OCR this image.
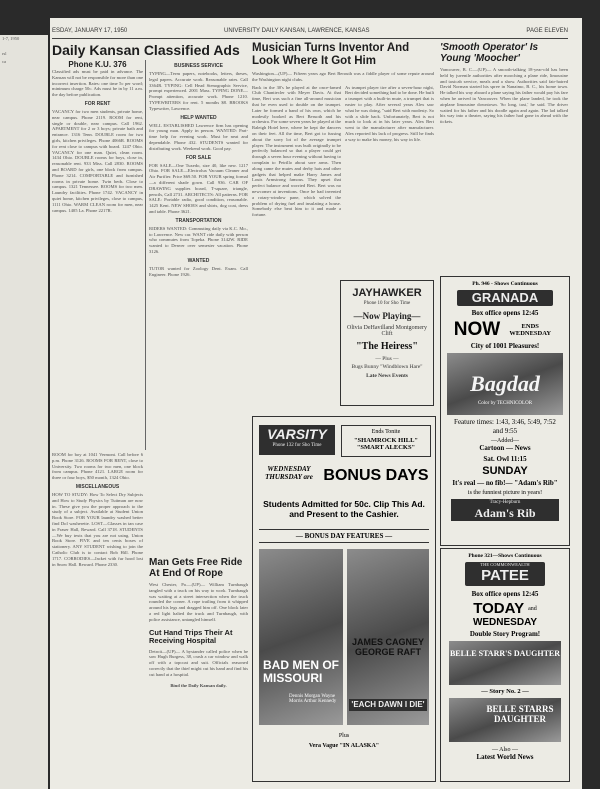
1-7, 1950

rsl
ca
ESDAY, JANUARY 17, 1950	UNIVERSITY DAILY KANSAN, LAWRENCE, KANSAS	PAGE ELEVEN
Daily Kansan Classified Ads
Phone K.U. 376
Classified ads must be paid in advance. The Kansan will not be responsible for more than one incorrect insertion. Rates: one time 5c per word; minimum charge 50c. Ads must be in by 11 a.m. the day before publication.
FOR RENT
VACANCY for two men students, private home, near campus. Phone 2119. ROOM for rent, single or double, near campus. Call 1962. APARTMENT for 2 or 3 boys; private bath and entrance. 1316 Tenn. DOUBLE room for two girls, kitchen privileges. Phone 4066R. ROOMS for rent close to campus with board. 1247 Ohio. VACANCY for one man. Quiet, clean room. 1434 Ohio. DOUBLE rooms for boys, close in, reasonable rent. 933 Miss. Call 2830. ROOMS and BOARD for girls, one block from campus. Phone 3214. COMFORTABLE and furnished rooms in private home. Twin beds. Close to campus. 1321 Tennessee. ROOMS for two men. Laundry facilities. Phone 1742. VACANCY in quiet home, kitchen privileges, close to campus, 1111 Ohio. WARM CLEAN room for men, near campus. 1405 La. Phone 2217R.
BUSINESS SERVICE
TYPING—Term papers, notebooks, letters, theses, legal papers. Accurate work. Reasonable rates. Call 3364R. TYPING: Cell Head Stenographic Service, prompt experienced. 2001 Mass. TYPING DONE—Prompt attention, accurate work. Phone 1210. TYPEWRITERS for rent. 5 months $8. BROOKS Typewriter, Lawrence.
HELP WANTED
WELL ESTABLISHED Lawrence firm has opening for young man. Apply in person. WANTED: Part-time help for evening work. Must be neat and dependable. Phone 432. STUDENTS wanted for distributing work. Weekend work. Good pay.
FOR SALE
FOR SALE—One Tuxedo, size 40, like new. 1217 Ohio. FOR SALE—Electrolux Vacuum Cleaner and Air Purifier. Price $69.50. FOR YOUR spring formal—a different shade gown. Call 936. CAR OF DRAWING supplies board, T-square, triangle, pencils, Call 2731. ARCHITECTS: All patterns. FOR SALE: Portable radio, good condition, reasonable. 1425 Kent. NEW SHOES and shirts, dog coat, dress and table. Phone 3621.
TRANSPORTATION
RIDERS WANTED: Commuting daily via K.C. Mo., to Lawrence. New car. WANT ride daily with person who commutes from Topeka. Phone 3142W. RIDE wanted to Denver over semester vacation. Phone 3126.
WANTED
TUTOR wanted for Zoology Dent. Exam. Call Engineer. Phone 1926.
ROOM for boy at 1041 Vermont. Call before 6 p.m. Phone 3126. ROOMS FOR RENT, close to University. Two rooms for two men, one block from campus. Phone 4121. LARGE room for three or four boys, $50 month, 1324 Ohio.
MISCELLANEOUS
HOW TO STUDY: How To Select Dry Subjects and How to Study Physics by Tuttman are now in. These give you the proper approach to the study of a subject. Available at Student Union Book Store. FOR YOUR laundry washed better find Dol washerette. LOST—Glasses in tan case in Fraser Hall, Reward. Call 3718. STUDENTS—We buy texts that you are not using. Union Book Store. FIVE and ten cents boxes of stationery. ANY STUDENT wishing to join the Catholic Club is to contact Bob Hill. Phone 1717. CORRODIES—Jacket with fur hood lost in Snow Hall. Reward. Phone 2330.	Man Gets Free Ride At End Of Rope
West Chester, Pa.—(UP)— William Turnbaugh tangled with a truck on his way to work. Turnbaugh was waiting at a street intersection when the truck rounded the corner. A rope trailing from it whipped around his legs and dragged him off. One block later a red light halted the truck and Turnbaugh, with police assistance, untangled himself.
Cut Hand Trips Their At Receiving Hospital
Detroit—(UP)— A bystander called police when he saw Hugh Burgess, 38, crash a car window and walk off with a topcoat and suit. Officials reasoned correctly that the thief might cut his hand and find his cut hand at a hospital.
Bind the Daily Kansan daily.
Musician Turns Inventor And Look Where It Got Him
Washington—(UP)— Fifteen years ago Bert Berouth was a fiddle player of some repute around the Washington night clubs.
Back in the 30's he played at the once-famed Club Chantiecler with Meyer Davis. At that time, Bert was such a fine all-around musician that he even used to double on the trumpet. Later he formed a band of his own, which he modestly booked as Bert Beruoth and his orchestra. For some seven years he played at the Raleigh Hotel here, where he kept the dancers on their feet. All the time, Bert got to fussing about the sorry lot of the average trumpet player. The instrument was built originally to be perfectly balanced so that a player could get through a seven hour evening without having to complain to Petrillo about sore arms. Then along came the mutes and derby hats and other gadgets that helped make Harry James and Louis Armstrong famous. They upset that perfect balance and worried Bert. Bert was no newcomer at inventions. Once he had invented a rotary-window pane, which solved the problem of drying fuel and insulating a house. Somebody else beat him to it and made a fortune.
As trumpet player tire after a seven-hour night, Bert decided something had to be done. He built a trumpet with a built-in mute, a trumpet that is easier to play. After several years Alex saw what he was doing, "said Bert with modesty. So with a slide back. Unfortunately, Bert is not much to look at in his later years. Alex Bert went to the manufacturer after manufacturer. Alex reported his lack of progress. Still he finds a way to make his money, his way in life.
'Smooth Operator' Is Young 'Moocher'
Vancouver, B. C.—(UP)— A smooth-talking 18-year-old has been held by juvenile authorities after mooching a plane ride, limousine and taxicab service, meals and a show. Authorities said fair-haired David Norman started his spree in Nanaimo, B. C., his home town. He talked his way aboard a plane saying his father would pay his fare when he arrived in Vancouver. When the plane landed, he took the airplane limousine downtown. 'So long, taxi,' he said. The driver waited for his father and his doodle again and again. The lad talked his way into a theater, saying his father had gone in ahead with the tickets.
JAYHAWKER
Phone 10 for Sho Time
—Now Playing—
Olivia DeHavilland Montgomery Clift
"The Heiress"
— Plus —
Bugs Bunny "Windblown Hare"
Late News Events
VARSITY
Phone 132 for Sho Time
Ends Tonite
"SHAMROCK HILL" "SMART ALECKS"
WEDNESDAY THURSDAY are BONUS DAYS
Students Admitted for 50c. Clip This Ad. and Present to the Cashier.
— BONUS DAY FEATURES —
BAD MEN OF MISSOURI
Dennis Morgan Wayne Morris Arthur Kennedy
JAMES CAGNEY GEORGE RAFT
'EACH DAWN I DIE'
Plus
Vera Vague "IN ALASKA"
Ph. 946 - Shows Continuous
GRANADA
Box office opens 12:45
NOW	ENDS WEDNESDAY
City of 1001 Pleasures!
Bagdad
Color by TECHNICOLOR
Feature times: 1:43, 3:46, 5:49, 7:52 and 9:55
—Added—
Cartoon — News
Sat. Owl 11:15
SUNDAY
It's real — no fib!— "Adam's Rib"
is the funniest picture in years!
Tracy-Hepburn
Adam's Rib
Phone 321—Shows Continuous
THE COMMONWEALTH
PATEE
Box office opens 12:45
TODAY and
WEDNESDAY
Double Story Program!
BELLE STARR'S DAUGHTER
— Story No. 2 —
BELLE STARRS DAUGHTER
— Also —
Latest World News
